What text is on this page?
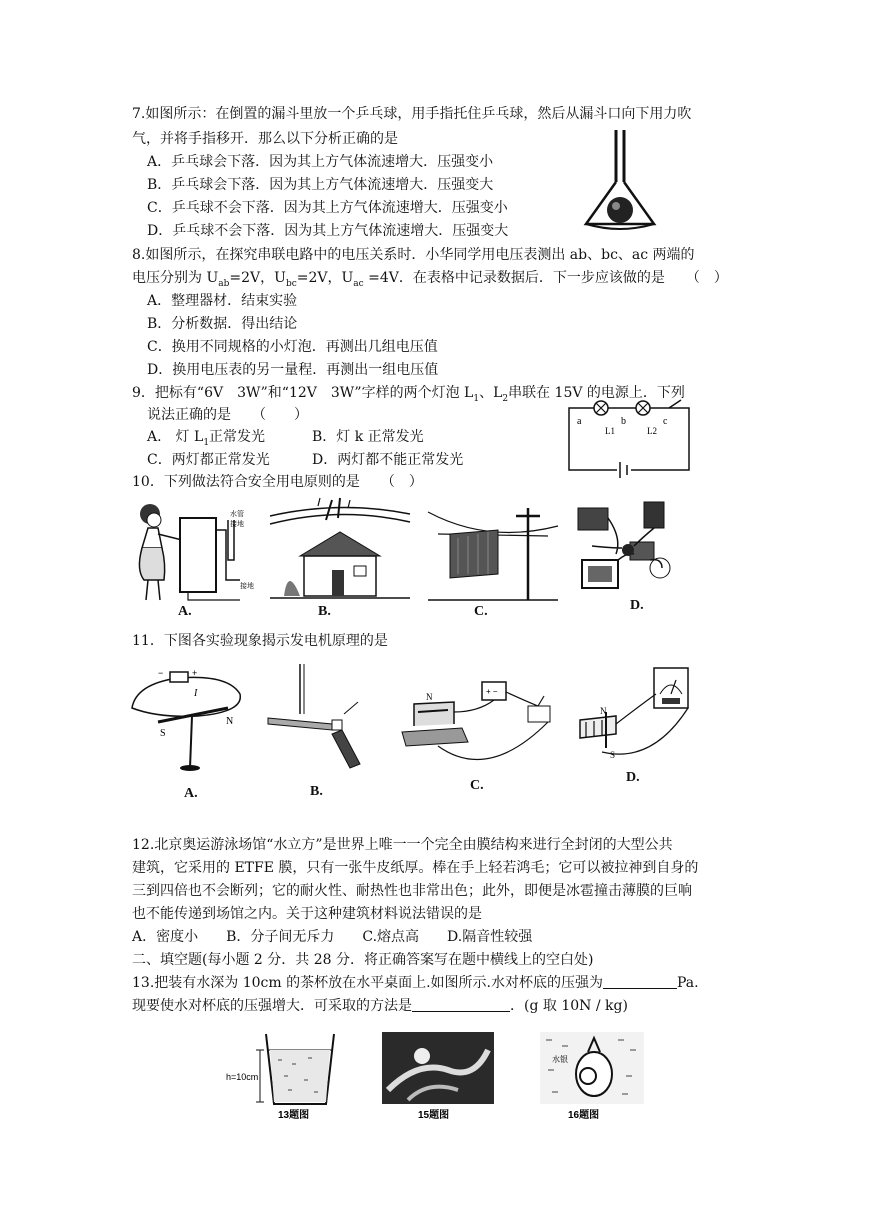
7.如图所示：在倒置的漏斗里放一个乒乓球，用手指托住乒乓球，然后从漏斗口向下用力吹
气，并将手指移开．那么以下分析正确的是
A．乒乓球会下落．因为其上方气体流速增大．压强变小
B．乒乓球会下落．因为其上方气体流速增大．压强变大
C．乒乓球不会下落．因为其上方气体流速增大．压强变小
D．乒乓球不会下落．因为其上方气体流速增大．压强变大
8.如图所示，在探究串联电路中的电压关系时．小华同学用电压表测出 ab、bc、ac 两端的
电压分别为 $U_{ab}=2V$，$U_{bc}=2V$，$U_{ac} =4V$．在表格中记录数据后．下一步应该做的是　　（　）
A．整理器材．结束实验
B．分析数据．得出结论
C．换用不同规格的小灯泡．再测出几组电压值
D．换用电压表的另一量程．再测出一组电压值
9．把标有“6V　3W”和“12V　3W”字样的两个灯泡 $L_1$、$L_2$串联在 15V 的电源上．下列
说法正确的是　　（　　）
A.　灯 $L_1$正常发光	B．灯 k 正常发光
C．两灯都正常发光	D．两灯都不能正常发光
a	b	c
L1	L2
10．下列做法符合安全用电原则的是　　（　）
水管
接地
接地
A.	B.	C.	D.
11．下图各实验现象揭示发电机原理的是
−	+
I
S
N
A.	B.
+ −
N
C.
N
S
D.
12.北京奥运游泳场馆“水立方”是世界上唯一一个完全由膜结构来进行全封闭的大型公共
建筑，它采用的 ETFE 膜，只有一张牛皮纸厚。棒在手上轻若鸿毛；它可以被拉神到自身的
三到四倍也不会断列；它的耐火性、耐热性也非常出色；此外，即便是冰雹撞击薄膜的巨响
也不能传递到场馆之内。关于这种建筑材料说法错误的是
A．密度小　　B．分子间无斥力　　C.熔点高　　D.隔音性较强
二、填空题(每小题 2 分．共 28 分．将正确答案写在题中横线上的空白处)
13.把装有水深为 10cm 的茶杯放在水平桌面上.如图所示.水对杯底的压强为	Pa.
现要使水对杯底的压强增大．可采取的方法是	．(g 取 10N / kg)
h=10cm
13题图	15题图
水银
16题图
